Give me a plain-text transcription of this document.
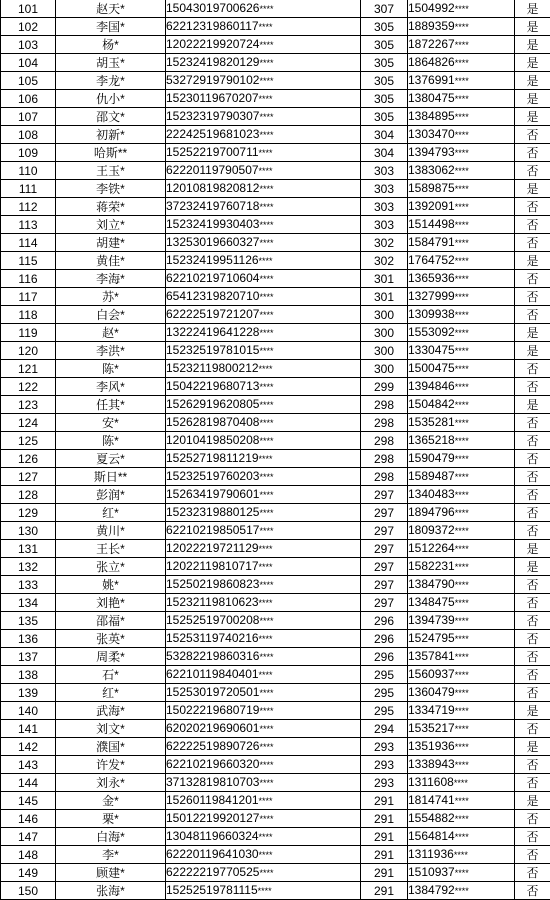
101	赵天*	15043019700626****	307	1504992****	是
102	李国*	62212319860117****	305	1889359****	是
103	杨*	12022219920724****	305	1872267****	是
104	胡玉*	15232419820129****	305	1864826****	是
105	李龙*	53272919790102****	305	1376991****	是
106	仇小*	15230119670207****	305	1380475****	是
107	邵文*	15232319790307****	305	1384895****	是
108	初新*	22242519681023****	304	1303470****	否
109	哈斯**	15252219700711****	304	1394793****	否
110	王玉*	62220119790507****	303	1383062****	否
111	李铁*	12010819820812****	303	1589875****	是
112	蒋荣*	37232419760718****	303	1392091****	否
113	刘立*	15232419930403****	303	1514498****	否
114	胡建*	13253019660327****	302	1584791****	否
115	黄佳*	15232419951126****	302	1764752****	是
116	李海*	62210219710604****	301	1365936****	否
117	苏*	65412319820710****	301	1327999****	否
118	白会*	62222519721207****	300	1309938****	否
119	赵*	13222419641228****	300	1553092****	是
120	李洪*	15232519781015****	300	1330475****	是
121	陈*	15232119800212****	300	1500475****	否
122	李风*	15042219680713****	299	1394846****	否
123	任其*	15262919620805****	298	1504842****	是
124	安*	15262819870408****	298	1535281****	否
125	陈*	12010419850208****	298	1365218****	否
126	夏云*	15252719811219****	298	1590479****	否
127	斯日**	15232519760203****	298	1589487****	否
128	彭润*	15263419790601****	297	1340483****	否
129	红*	15232319880125****	297	1894796****	否
130	黄川*	62210219850517****	297	1809372****	否
131	王长*	12022219721129****	297	1512264****	是
132	张立*	12022119810717****	297	1582231****	是
133	姚*	15250219860823****	297	1384790****	否
134	刘艳*	15232119810623****	297	1348475****	否
135	邵福*	15252519700208****	296	1394739****	否
136	张英*	15253119740216****	296	1524795****	否
137	周柔*	53282219860316****	296	1357841****	否
138	石*	62210119840401****	295	1560937****	否
139	红*	15253019720501****	295	1360479****	否
140	武海*	15022219680719****	295	1334719****	是
141	刘文*	62020219690601****	294	1535217****	否
142	濮国*	62222519890726****	293	1351936****	是
143	许发*	62210219660320****	293	1338943****	否
144	刘永*	37132819810703****	293	1311608****	否
145	金*	15260119841201****	291	1814741****	是
146	栗*	15012219920127****	291	1554882****	否
147	白海*	13048119660324****	291	1564814****	否
148	李*	62220119641030****	291	1311936****	否
149	顾建*	62222219770525****	291	1510937****	否
150	张海*	15252519781115****	291	1384792****	否
